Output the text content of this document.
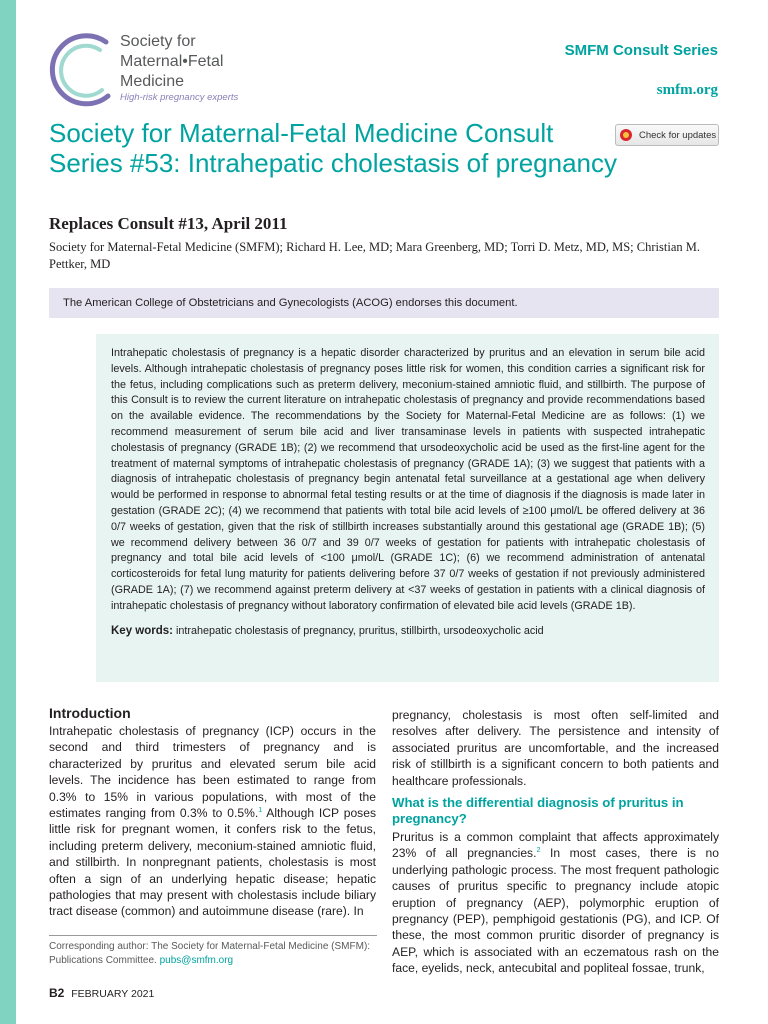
Society for
Maternal•Fetal
Medicine
High-risk pregnancy experts
SMFM Consult Series
smfm.org
Check for updates
Society for Maternal-Fetal Medicine Consult Series #53: Intrahepatic cholestasis of pregnancy
Replaces Consult #13, April 2011
Society for Maternal-Fetal Medicine (SMFM); Richard H. Lee, MD; Mara Greenberg, MD; Torri D. Metz, MD, MS; Christian M. Pettker, MD
The American College of Obstetricians and Gynecologists (ACOG) endorses this document.
Intrahepatic cholestasis of pregnancy is a hepatic disorder characterized by pruritus and an elevation in serum bile acid levels. Although intrahepatic cholestasis of pregnancy poses little risk for women, this condition carries a significant risk for the fetus, including complications such as preterm delivery, meconium-stained amniotic fluid, and stillbirth. The purpose of this Consult is to review the current literature on intrahepatic cholestasis of pregnancy and provide recommendations based on the available evidence. The recommendations by the Society for Maternal-Fetal Medicine are as follows: (1) we recommend measurement of serum bile acid and liver transaminase levels in patients with suspected intrahepatic cholestasis of pregnancy (GRADE 1B); (2) we recommend that ursodeoxycholic acid be used as the first-line agent for the treatment of maternal symptoms of intrahepatic cholestasis of pregnancy (GRADE 1A); (3) we suggest that patients with a diagnosis of intrahepatic cholestasis of pregnancy begin antenatal fetal surveillance at a gestational age when delivery would be performed in response to abnormal fetal testing results or at the time of diagnosis if the diagnosis is made later in gestation (GRADE 2C); (4) we recommend that patients with total bile acid levels of ≥100 μmol/L be offered delivery at 36 0/7 weeks of gestation, given that the risk of stillbirth increases substantially around this gestational age (GRADE 1B); (5) we recommend delivery between 36 0/7 and 39 0/7 weeks of gestation for patients with intrahepatic cholestasis of pregnancy and total bile acid levels of <100 μmol/L (GRADE 1C); (6) we recommend administration of antenatal corticosteroids for fetal lung maturity for patients delivering before 37 0/7 weeks of gestation if not previously administered (GRADE 1A); (7) we recommend against preterm delivery at <37 weeks of gestation in patients with a clinical diagnosis of intrahepatic cholestasis of pregnancy without laboratory confirmation of elevated bile acid levels (GRADE 1B).
Key words: intrahepatic cholestasis of pregnancy, pruritus, stillbirth, ursodeoxycholic acid
Introduction
Intrahepatic cholestasis of pregnancy (ICP) occurs in the second and third trimesters of pregnancy and is characterized by pruritus and elevated serum bile acid levels. The incidence has been estimated to range from 0.3% to 15% in various populations, with most of the estimates ranging from 0.3% to 0.5%.$^1$ Although ICP poses little risk for pregnant women, it confers risk to the fetus, including preterm delivery, meconium-stained amniotic fluid, and stillbirth. In nonpregnant patients, cholestasis is most often a sign of an underlying hepatic disease; hepatic pathologies that may present with cholestasis include biliary tract disease (common) and autoimmune disease (rare). In
pregnancy, cholestasis is most often self-limited and resolves after delivery. The persistence and intensity of associated pruritus are uncomfortable, and the increased risk of stillbirth is a significant concern to both patients and healthcare professionals.
What is the differential diagnosis of pruritus in pregnancy?
Pruritus is a common complaint that affects approximately 23% of all pregnancies.$^2$ In most cases, there is no underlying pathologic process. The most frequent pathologic causes of pruritus specific to pregnancy include atopic eruption of pregnancy (AEP), polymorphic eruption of pregnancy (PEP), pemphigoid gestationis (PG), and ICP. Of these, the most common pruritic disorder of pregnancy is AEP, which is associated with an eczematous rash on the face, eyelids, neck, antecubital and popliteal fossae, trunk,
Corresponding author: The Society for Maternal-Fetal Medicine (SMFM): Publications Committee. pubs@smfm.org
B2 FEBRUARY 2021
